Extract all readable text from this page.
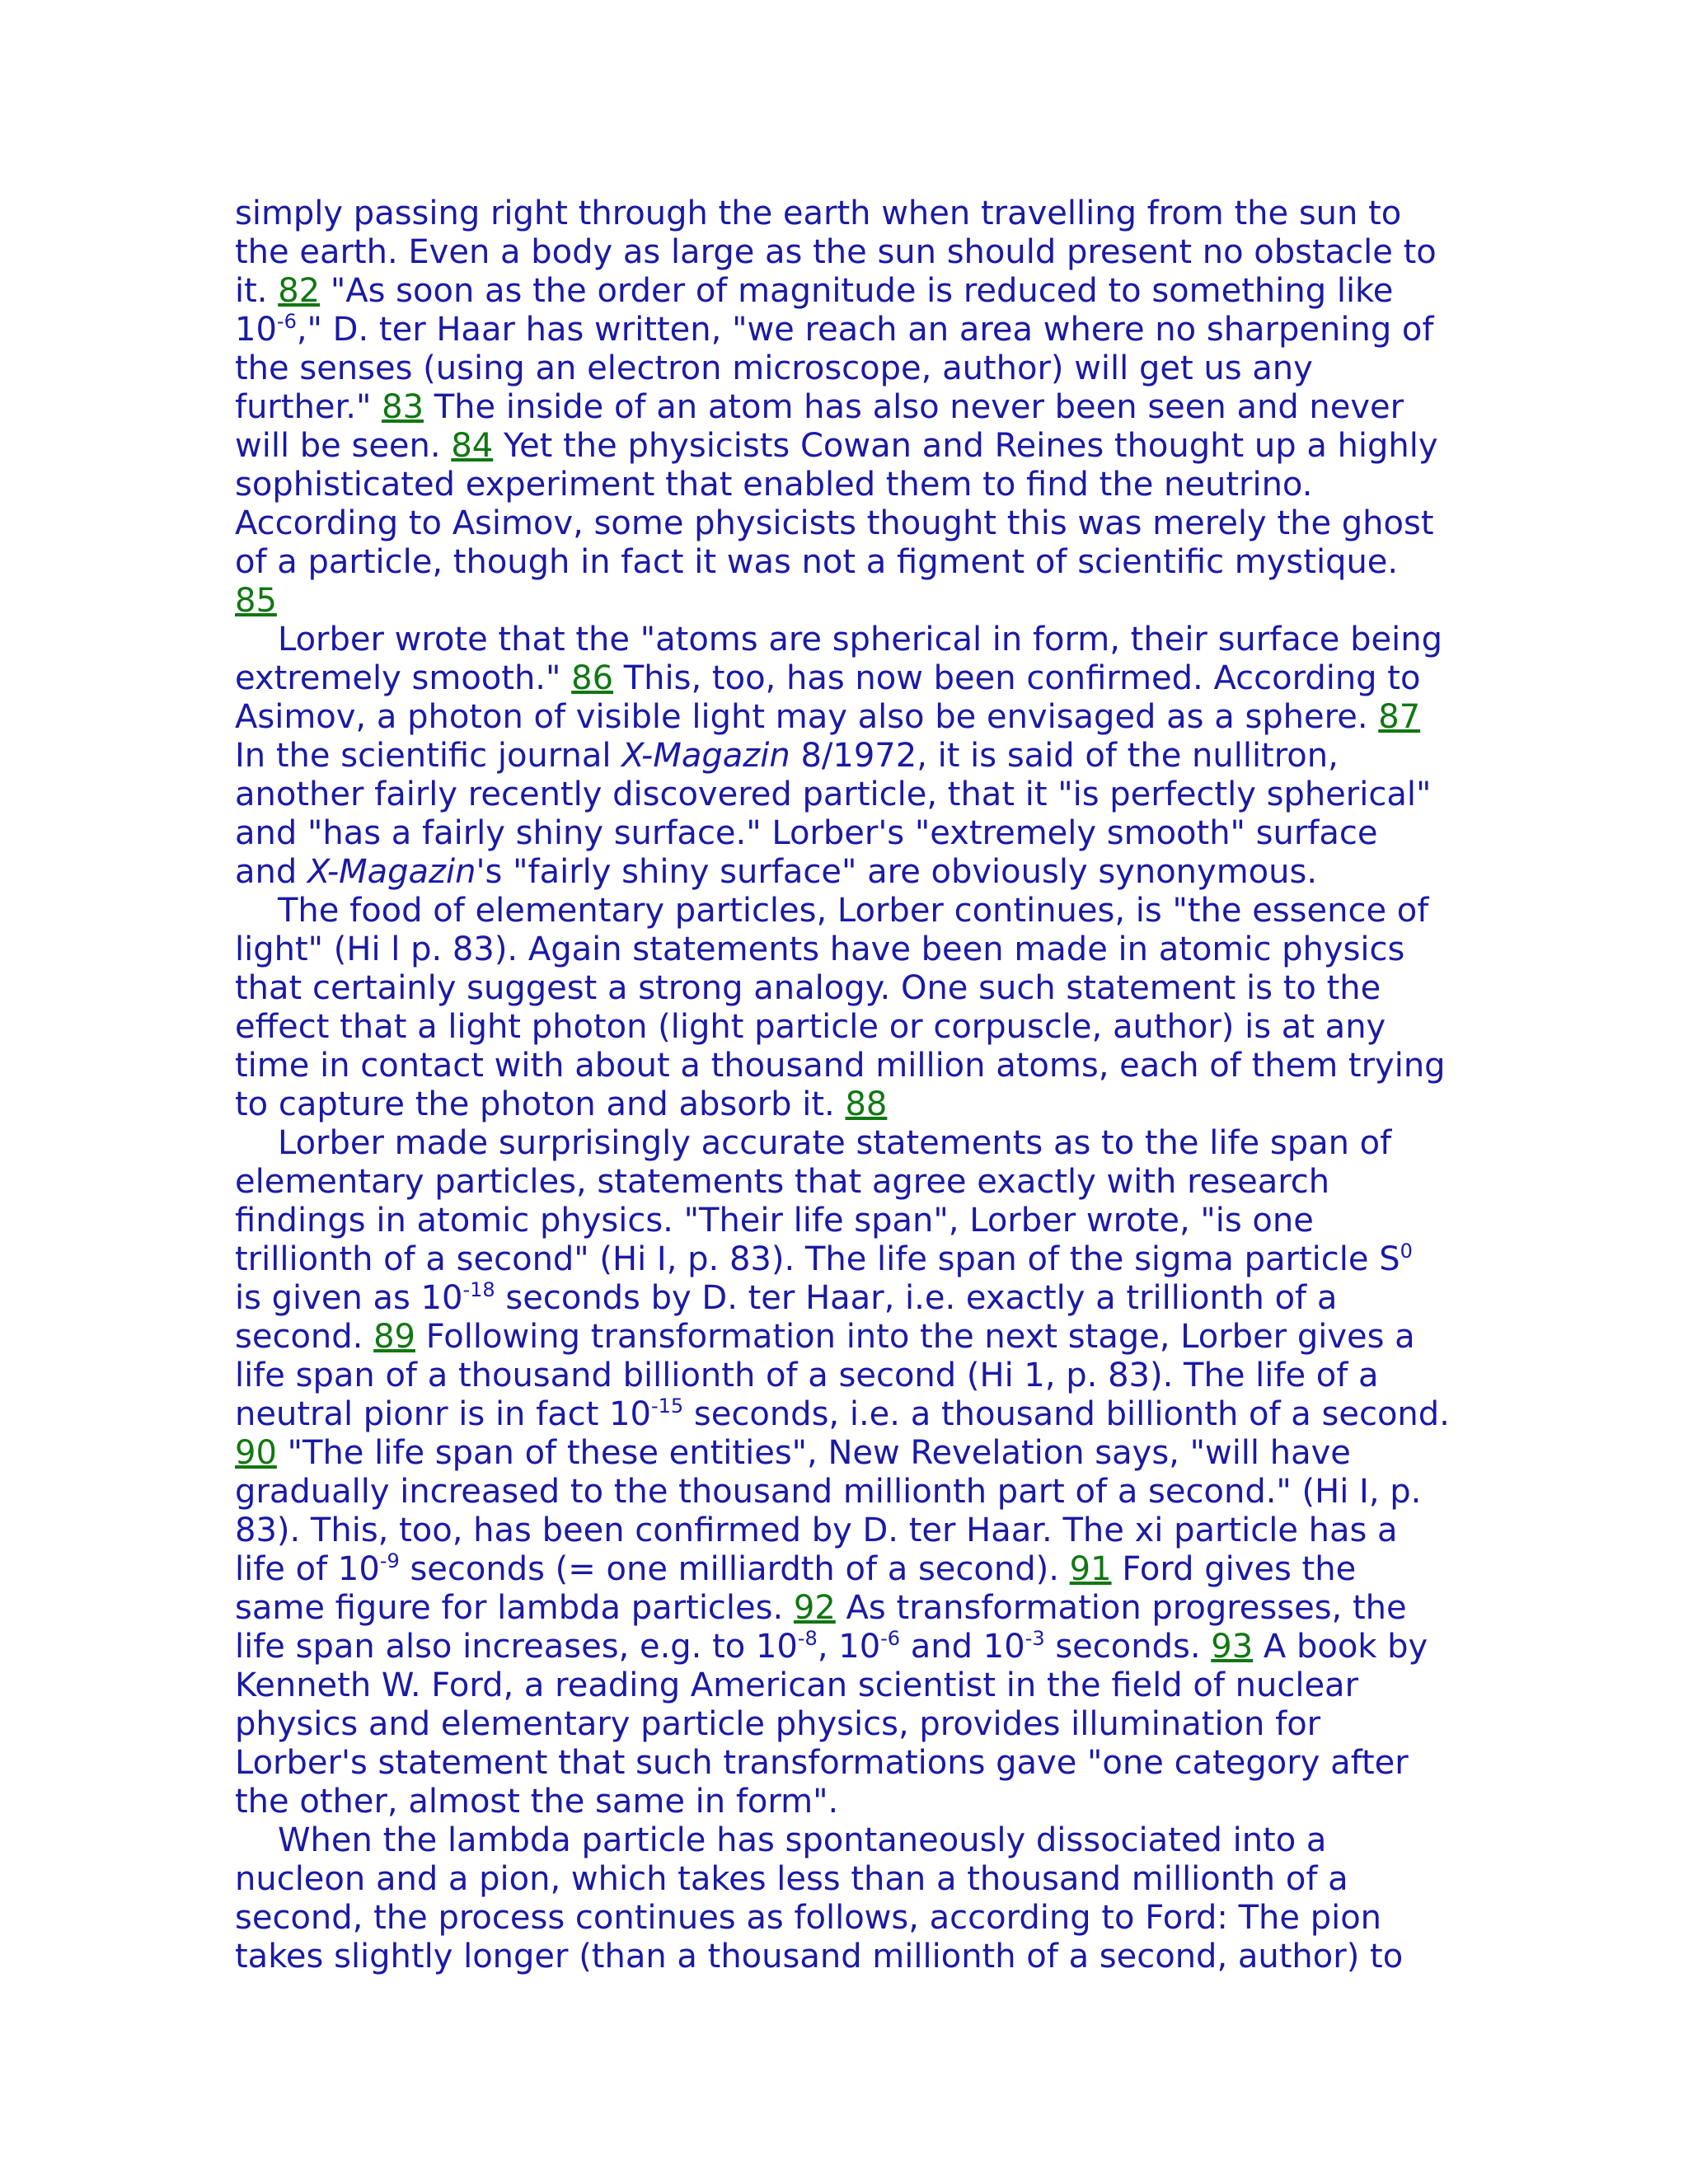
simply passing right through the earth when travelling from the sun to

the earth. Even a body as large as the sun should present no obstacle to

it. 82 "As soon as the order of magnitude is reduced to something like

$10^{-6}$," D. ter Haar has written, "we reach an area where no sharpening of

the senses (using an electron microscope, author) will get us any

further." 83 The inside of an atom has also never been seen and never

will be seen. 84 Yet the physicists Cowan and Reines thought up a highly

sophisticated experiment that enabled them to find the neutrino.

According to Asimov, some physicists thought this was merely the ghost

of a particle, though in fact it was not a figment of scientific mystique.

85

Lorber wrote that the "atoms are spherical in form, their surface being

extremely smooth." 86 This, too, has now been confirmed. According to

Asimov, a photon of visible light may also be envisaged as a sphere. 87

In the scientific journal X-Magazin 8/1972, it is said of the nullitron,

another fairly recently discovered particle, that it "is perfectly spherical"

and "has a fairly shiny surface." Lorber's "extremely smooth" surface

and X-Magazin's "fairly shiny surface" are obviously synonymous.

The food of elementary particles, Lorber continues, is "the essence of

light" (Hi l p. 83). Again statements have been made in atomic physics

that certainly suggest a strong analogy. One such statement is to the

effect that a light photon (light particle or corpuscle, author) is at any

time in contact with about a thousand million atoms, each of them trying

to capture the photon and absorb it. 88

Lorber made surprisingly accurate statements as to the life span of

elementary particles, statements that agree exactly with research

findings in atomic physics. "Their life span", Lorber wrote, "is one

trillionth of a second" (Hi I, p. 83). The life span of the sigma particle $S^0$

is given as $10^{-18}$ seconds by D. ter Haar, i.e. exactly a trillionth of a

second. 89 Following transformation into the next stage, Lorber gives a

life span of a thousand billionth of a second (Hi 1, p. 83). The life of a

neutral pionr is in fact $10^{-15}$ seconds, i.e. a thousand billionth of a second.

90 "The life span of these entities", New Revelation says, "will have

gradually increased to the thousand millionth part of a second." (Hi I, p.

83). This, too, has been confirmed by D. ter Haar. The xi particle has a

life of $10^{-9}$ seconds (= one milliardth of a second). 91 Ford gives the

same figure for lambda particles. 92 As transformation progresses, the

life span also increases, e.g. to $10^{-8}$, $10^{-6}$ and $10^{-3}$ seconds. 93 A book by

Kenneth W. Ford, a reading American scientist in the field of nuclear

physics and elementary particle physics, provides illumination for

Lorber's statement that such transformations gave "one category after

the other, almost the same in form".

When the lambda particle has spontaneously dissociated into a

nucleon and a pion, which takes less than a thousand millionth of a

second, the process continues as follows, according to Ford: The pion

takes slightly longer (than a thousand millionth of a second, author) to
